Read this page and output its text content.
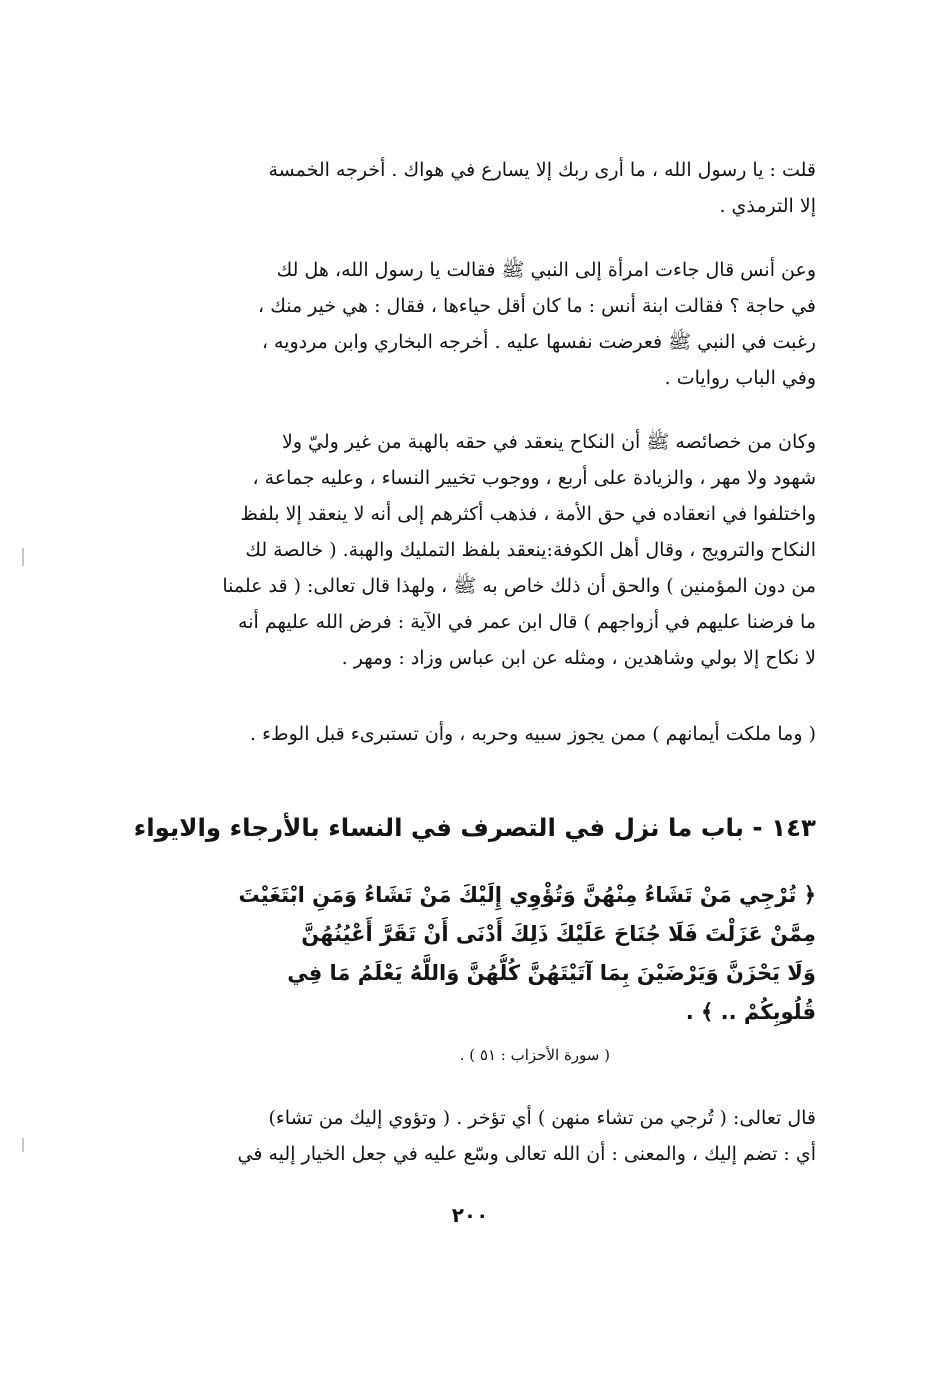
قلت : يا رسول الله ، ما أرى ربك إلا يسارع في هواك . أخرجه الخمسة
إلا الترمذي .
وعن أنس قال جاءت امرأة إلى النبي ﷺ فقالت يا رسول الله، هل لك
في حاجة ؟ فقالت ابنة أنس : ما كان أقل حياءها ، فقال : هي خير منك ،
رغبت في النبي ﷺ فعرضت نفسها عليه . أخرجه البخاري وابن مردويه ،
وفي الباب روايات .
وكان من خصائصه ﷺ أن النكاح ينعقد في حقه بالهبة من غير وليّ ولا
شهود ولا مهر ، والزيادة على أربع ، ووجوب تخيير النساء ، وعليه جماعة ،
واختلفوا في انعقاده في حق الأمة ، فذهب أكثرهم إلى أنه لا ينعقد إلا بلفظ
النكاح والترويج ، وقال أهل الكوفة:ينعقد بلفظ التمليك والهبة. ( خالصة لك
من دون المؤمنين ) والحق أن ذلك خاص به ﷺ ، ولهذا قال تعالى: ( قد علمنا
ما فرضنا عليهم في أزواجهم ) قال ابن عمر في الآية : فرض الله عليهم أنه
لا نكاح إلا بولي وشاهدين ، ومثله عن ابن عباس وزاد : ومهر .
( وما ملكت أيمانهم ) ممن يجوز سبيه وحربه ، وأن تستبرىء قبل الوطء .
١٤٣ - باب ما نزل في التصرف في النساء بالأرجاء والايواء
﴿ تُرْجِي مَنْ تَشَاءُ مِنْهُنَّ وَتُؤْوِي إِلَيْكَ مَنْ تَشَاءُ وَمَنِ ابْتَغَيْتَ
مِمَّنْ عَزَلْتَ فَلَا جُنَاحَ عَلَيْكَ ذَلِكَ أَدْنَى أَنْ تَقَرَّ أَعْيُنُهُنَّ
وَلَا يَحْزَنَّ وَيَرْضَيْنَ بِمَا آتَيْتَهُنَّ كُلُّهُنَّ وَاللَّهُ يَعْلَمُ مَا فِي
قُلُوبِكُمْ .. ﴾ .
( سورة الأحزاب : ٥١ ) .
قال تعالى: ( تُرجي من تشاء منهن ) أي تؤخر . ( وتؤوي إليك من تشاء)
أي : تضم إليك ، والمعنى : أن الله تعالى وسّع عليه في جعل الخيار إليه في
٢٠٠
